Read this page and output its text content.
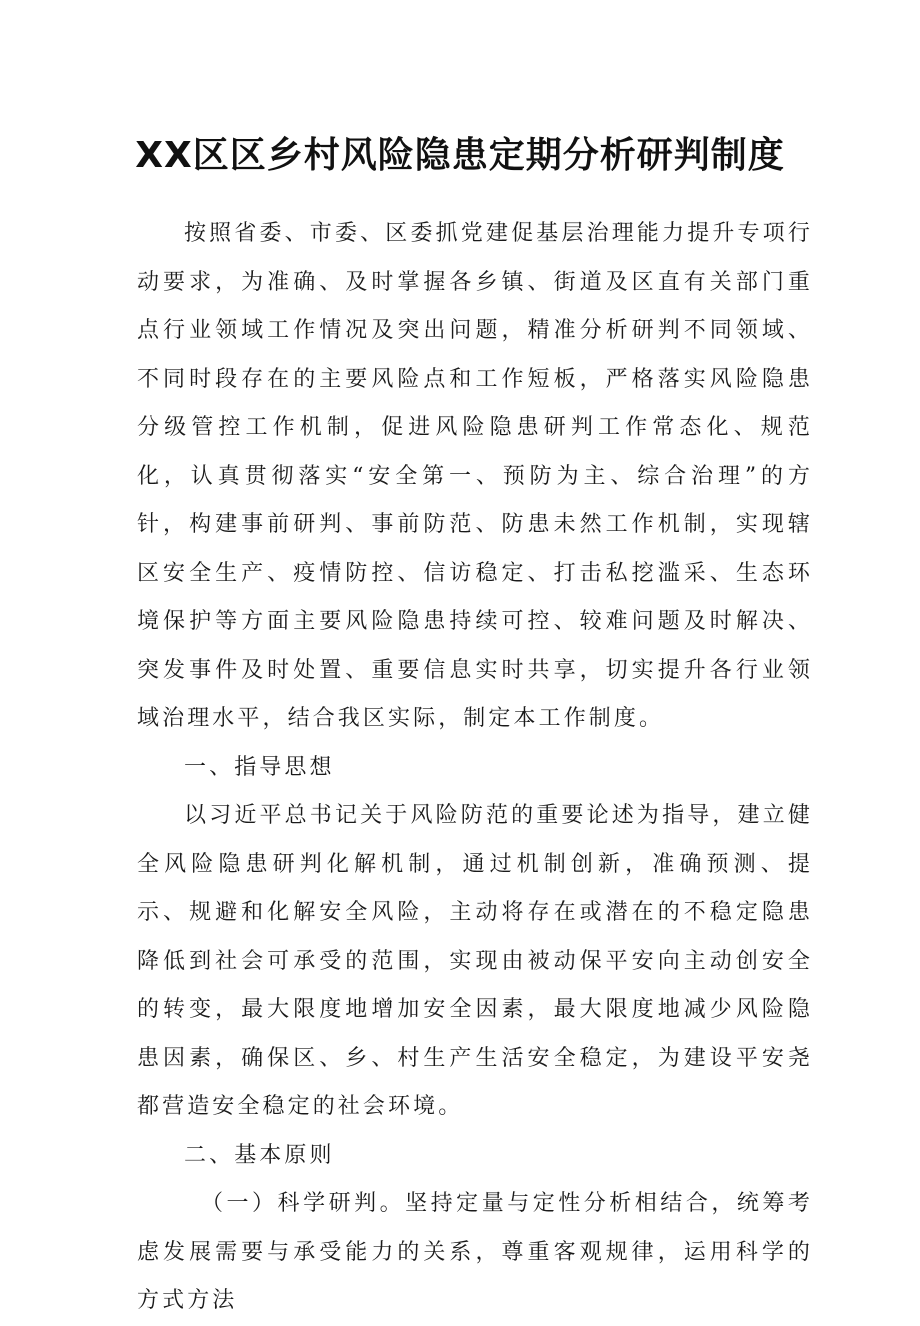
XX区区乡村风险隐患定期分析研判制度

按照省委、市委、区委抓党建促基层治理能力提升专项行动要求，为准确、及时掌握各乡镇、街道及区直有关部门重点行业领域工作情况及突出问题，精准分析研判不同领域、不同时段存在的主要风险点和工作短板，严格落实风险隐患分级管控工作机制，促进风险隐患研判工作常态化、规范化，认真贯彻落实“安全第一、预防为主、综合治理”的方针，构建事前研判、事前防范、防患未然工作机制，实现辖区安全生产、疫情防控、信访稳定、打击私挖滥采、生态环境保护等方面主要风险隐患持续可控、较难问题及时解决、突发事件及时处置、重要信息实时共享，切实提升各行业领域治理水平，结合我区实际，制定本工作制度。

一、指导思想

以习近平总书记关于风险防范的重要论述为指导，建立健全风险隐患研判化解机制，通过机制创新，准确预测、提示、规避和化解安全风险，主动将存在或潜在的不稳定隐患降低到社会可承受的范围，实现由被动保平安向主动创安全的转变，最大限度地增加安全因素，最大限度地减少风险隐患因素，确保区、乡、村生产生活安全稳定，为建设平安尧都营造安全稳定的社会环境。

二、基本原则

（一）科学研判。坚持定量与定性分析相结合，统筹考虑发展需要与承受能力的关系，尊重客观规律，运用科学的方式方法
